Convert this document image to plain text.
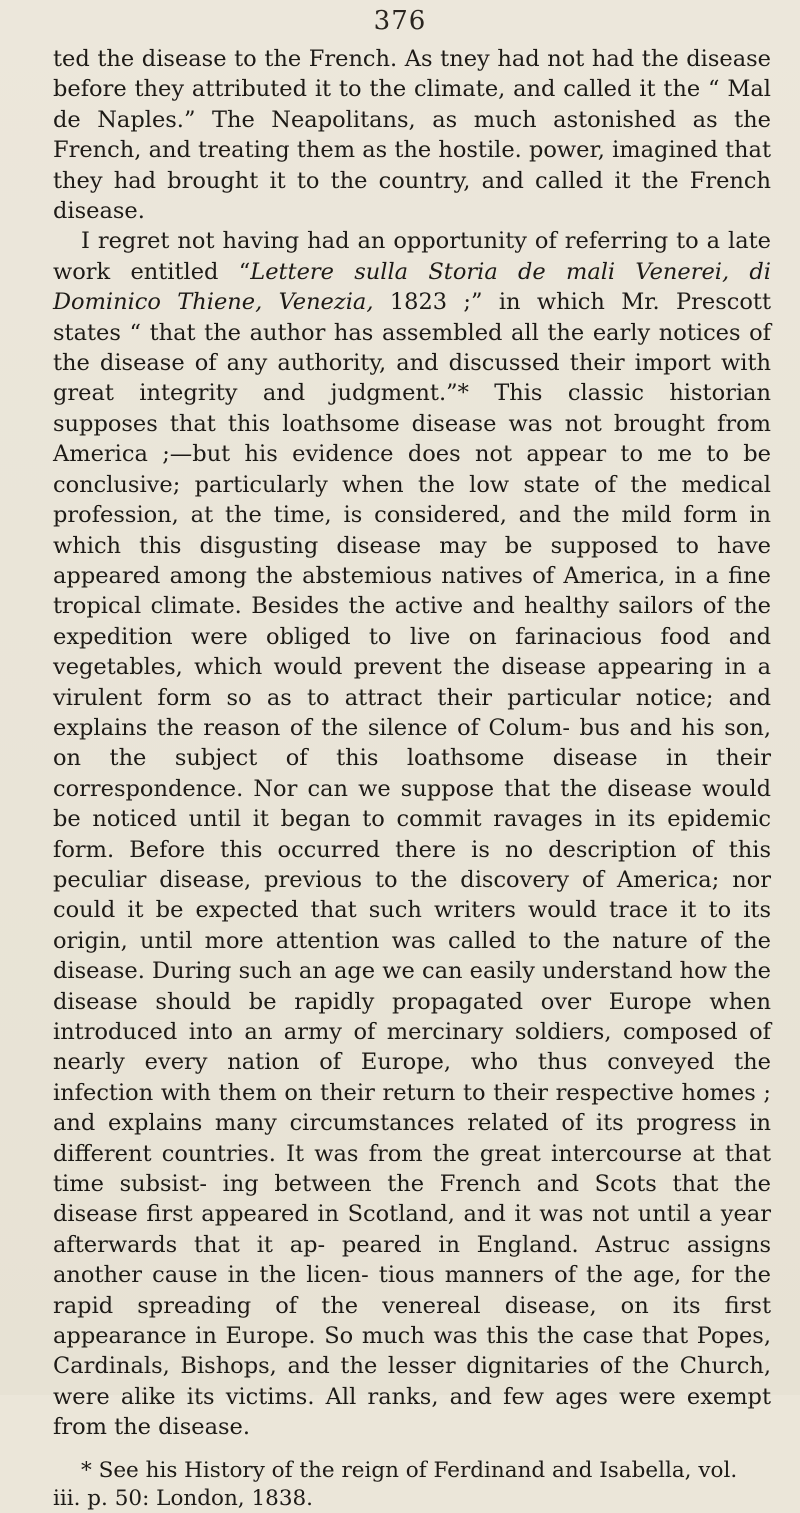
376

ted the disease to the French. As tney had not had the disease before they attributed it to the climate, and called it the “ Mal de Naples.” The Neapolitans, as much astonished as the French, and treating them as the hostile. power, imagined that they had brought it to the country, and called it the French disease.

I regret not having had an opportunity of referring to a late work entitled “Lettere sulla Storia de mali Venerei, di Dominico Thiene, Venezia, 1823 ;” in which Mr. Prescott states “ that the author has assembled all the early notices of the disease of any authority, and discussed their import with great integrity and judgment.”* This classic historian supposes that this loathsome disease was not brought from America ;—but his evidence does not appear to me to be conclusive; particularly when the low state of the medical profession, at the time, is considered, and the mild form in which this disgusting disease may be supposed to have appeared among the abstemious natives of America, in a fine tropical climate. Besides the active and healthy sailors of the expedition were obliged to live on farinacious food and vegetables, which would prevent the disease appearing in a virulent form so as to attract their particular notice; and explains the reason of the silence of Colum- bus and his son, on the subject of this loathsome disease in their correspondence. Nor can we suppose that the disease would be noticed until it began to commit ravages in its epidemic form. Before this occurred there is no description of this peculiar disease, previous to the discovery of America; nor could it be expected that such writers would trace it to its origin, until more attention was called to the nature of the disease. During such an age we can easily understand how the disease should be rapidly propagated over Europe when introduced into an army of mercinary soldiers, composed of nearly every nation of Europe, who thus conveyed the infection with them on their return to their respective homes ; and explains many circumstances related of its progress in different countries. It was from the great intercourse at that time subsist- ing between the French and Scots that the disease first appeared in Scotland, and it was not until a year afterwards that it ap- peared in England. Astruc assigns another cause in the licen- tious manners of the age, for the rapid spreading of the venereal disease, on its first appearance in Europe. So much was this the case that Popes, Cardinals, Bishops, and the lesser dignitaries of the Church, were alike its victims. All ranks, and few ages were exempt from the disease.

* See his History of the reign of Ferdinand and Isabella, vol. iii. p. 50: London, 1838.
